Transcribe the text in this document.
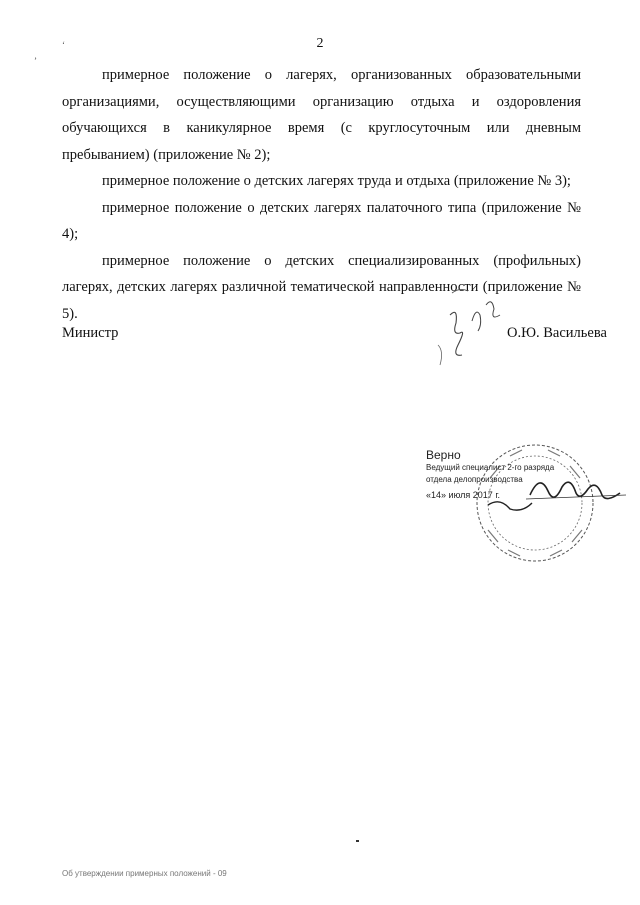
2
‘
’

примерное положение о лагерях, организованных образовательными организациями, осуществляющими организацию отдыха и оздоровления обучающихся в каникулярное время (с круглосуточным или дневным пребыванием) (приложение № 2);

примерное положение о детских лагерях труда и отдыха (приложение № 3);

примерное положение о детских лагерях палаточного типа (приложение № 4);

примерное положение о детских специализированных (профильных) лагерях, детских лагерях различной тематической направленности (приложение № 5).

Министр	О.Ю. Васильева
Верно
Ведущий специалист 2-го разряда
отдела делопроизводства
«14» июля 2017 г.
Об утверждении примерных положений - 09
